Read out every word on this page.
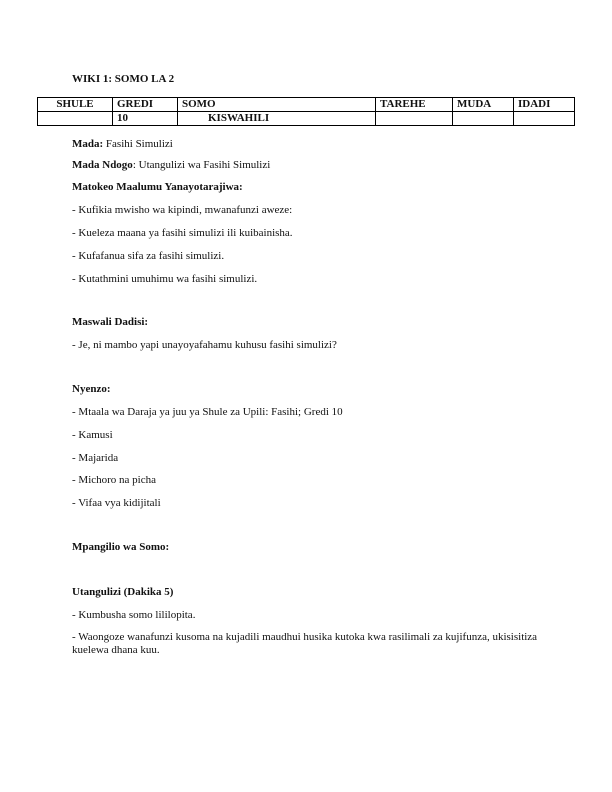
WIKI 1: SOMO LA 2
SHULE	GREDI	SOMO	TAREHE	MUDA	IDADI
	10	KISWAHILI			
Mada: Fasihi Simulizi
Mada Ndogo: Utangulizi wa Fasihi Simulizi
Matokeo Maalumu Yanayotarajiwa:
- Kufikia mwisho wa kipindi, mwanafunzi aweze:
- Kueleza maana ya fasihi simulizi ili kuibainisha.
- Kufafanua sifa za fasihi simulizi.
- Kutathmini umuhimu wa fasihi simulizi.
Maswali Dadisi:
- Je, ni mambo yapi unayoyafahamu kuhusu fasihi simulizi?
Nyenzo:
- Mtaala wa Daraja ya juu ya Shule za Upili: Fasihi; Gredi 10
- Kamusi
- Majarida
- Michoro na picha
- Vifaa vya kidijitali
Mpangilio wa Somo:
Utangulizi (Dakika 5)
- Kumbusha somo lililopita.
- Waongoze wanafunzi kusoma na kujadili maudhui husika kutoka kwa rasilimali za kujifunza, ukisisitiza kuelewa dhana kuu.
